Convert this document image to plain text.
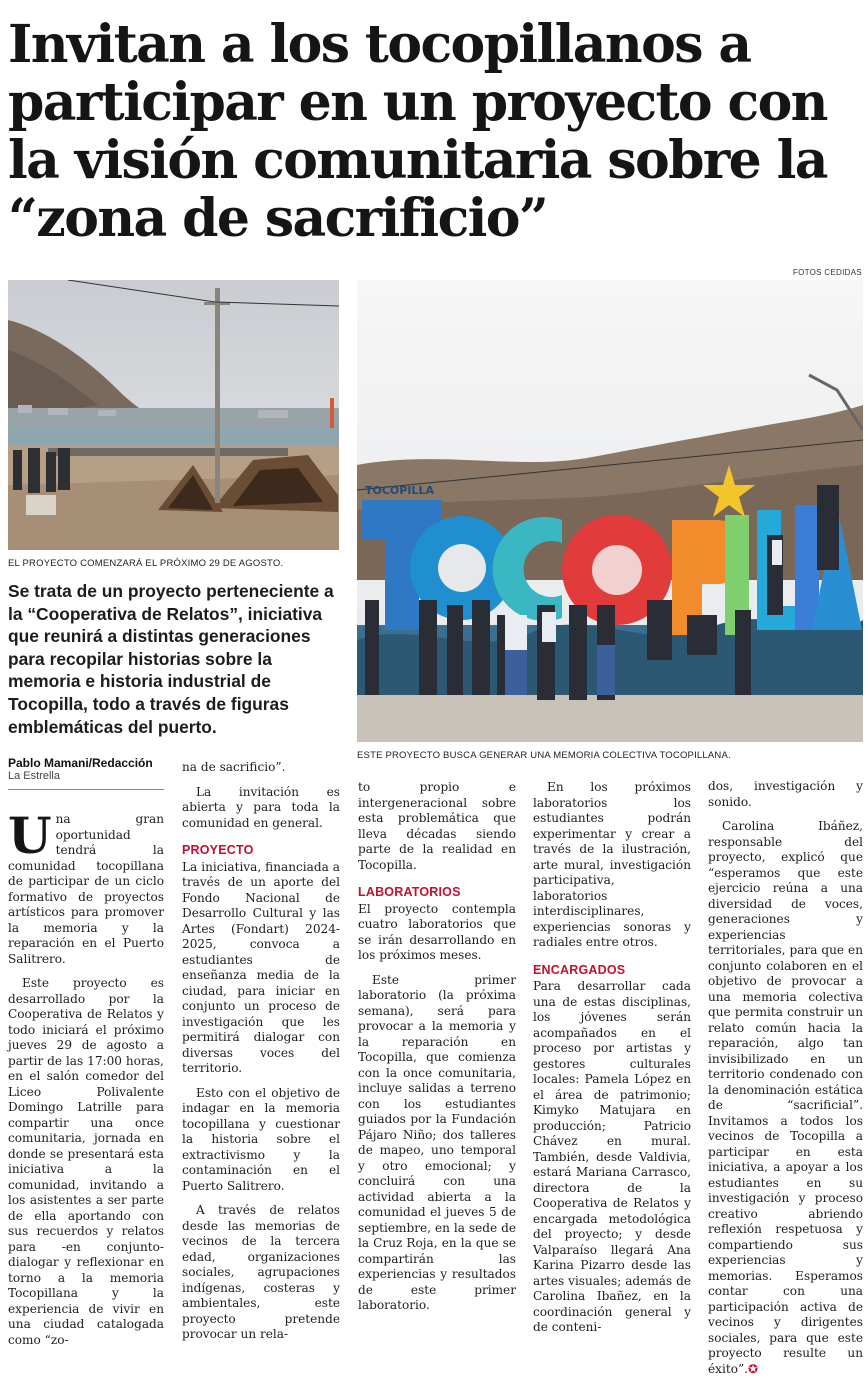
Invitan a los tocopillanos a participar en un proyecto con la visión comunitaria sobre la “zona de sacrificio”
FOTOS CEDIDAS
EL PROYECTO COMENZARÁ EL PRÓXIMO 29 DE AGOSTO.
TOCOPILLA
ESTE PROYECTO BUSCA GENERAR UNA MEMORIA COLECTIVA TOCOPILLANA.

Se trata de un proyecto perteneciente a la “Cooperativa de Relatos”, iniciativa que reunirá a distintas generaciones para recopilar historias sobre la memoria e historia industrial de Tocopilla, todo a través de figuras emblemáticas del puerto.

Pablo Mamani/Redacción
La Estrella

Una gran oportunidad tendrá la comunidad tocopillana de participar de un ciclo formativo de proyectos artísticos para promover la memoria y la reparación en el Puerto Salitrero.

Este proyecto es desarrollado por la Cooperativa de Relatos y todo iniciará el próximo jueves 29 de agosto a partir de las 17:00 horas, en el salón comedor del Liceo Polivalente Domingo Latrille para compartir una once comunitaria, jornada en donde se presentará esta iniciativa a la comunidad, invitando a los asistentes a ser parte de ella aportando con sus recuerdos y relatos para -en conjunto- dialogar y reflexionar en torno a la memoria Tocopillana y la experiencia de vivir en una ciudad catalogada como “zo-

na de sacrificio”.

La invitación es abierta y para toda la comunidad en general.

PROYECTO

La iniciativa, financiada a través de un aporte del Fondo Nacional de Desarrollo Cultural y las Artes (Fondart) 2024-2025, convoca a estudiantes de enseñanza media de la ciudad, para iniciar en conjunto un proceso de investigación que les permitirá dialogar con diversas voces del territorio.

Esto con el objetivo de indagar en la memoria tocopillana y cuestionar la historia sobre el extractivismo y la contaminación en el Puerto Salitrero.

A través de relatos desde las memorias de vecinos de la tercera edad, organizaciones sociales, agrupaciones indígenas, costeras y ambientales, este proyecto pretende provocar un rela-

to propio e intergeneracional sobre esta problemática que lleva décadas siendo parte de la realidad en Tocopilla.

LABORATORIOS

El proyecto contempla cuatro laboratorios que se irán desarrollando en los próximos meses.

Este primer laboratorio (la próxima semana), será para provocar a la memoria y la reparación en Tocopilla, que comienza con la once comunitaria, incluye salidas a terreno con los estudiantes guiados por la Fundación Pájaro Niño; dos talleres de mapeo, uno temporal y otro emocional; y concluirá con una actividad abierta a la comunidad el jueves 5 de septiembre, en la sede de la Cruz Roja, en la que se compartirán las experiencias y resultados de este primer laboratorio.

En los próximos laboratorios los estudiantes podrán experimentar y crear a través de la ilustración, arte mural, investigación participativa, laboratorios interdisciplinares, experiencias sonoras y radiales entre otros.

ENCARGADOS

Para desarrollar cada una de estas disciplinas, los jóvenes serán acompañados en el proceso por artistas y gestores culturales locales: Pamela López en el área de patrimonio; Kimyko Matujara en producción; Patricio Chávez en mural. También, desde Valdivia, estará Mariana Carrasco, directora de la Cooperativa de Relatos y encargada metodológica del proyecto; y desde Valparaíso llegará Ana Karina Pizarro desde las artes visuales; además de Carolina Ibañez, en la coordinación general y de conteni-

dos, investigación y sonido.

Carolina Ibáñez, responsable del proyecto, explicó que “esperamos que este ejercicio reúna a una diversidad de voces, generaciones y experiencias territoriales, para que en conjunto colaboren en el objetivo de provocar a una memoria colectiva que permita construir un relato común hacia la reparación, algo tan invisibilizado en un territorio condenado con la denominación estática de “sacrificial”. Invitamos a todos los vecinos de Tocopilla a participar en esta iniciativa, a apoyar a los estudiantes en su investigación y proceso creativo abriendo reflexión respetuosa y compartiendo sus experiencias y memorias. Esperamos contar con una participación activa de vecinos y dirigentes sociales, para que este proyecto resulte un éxito”.✪
